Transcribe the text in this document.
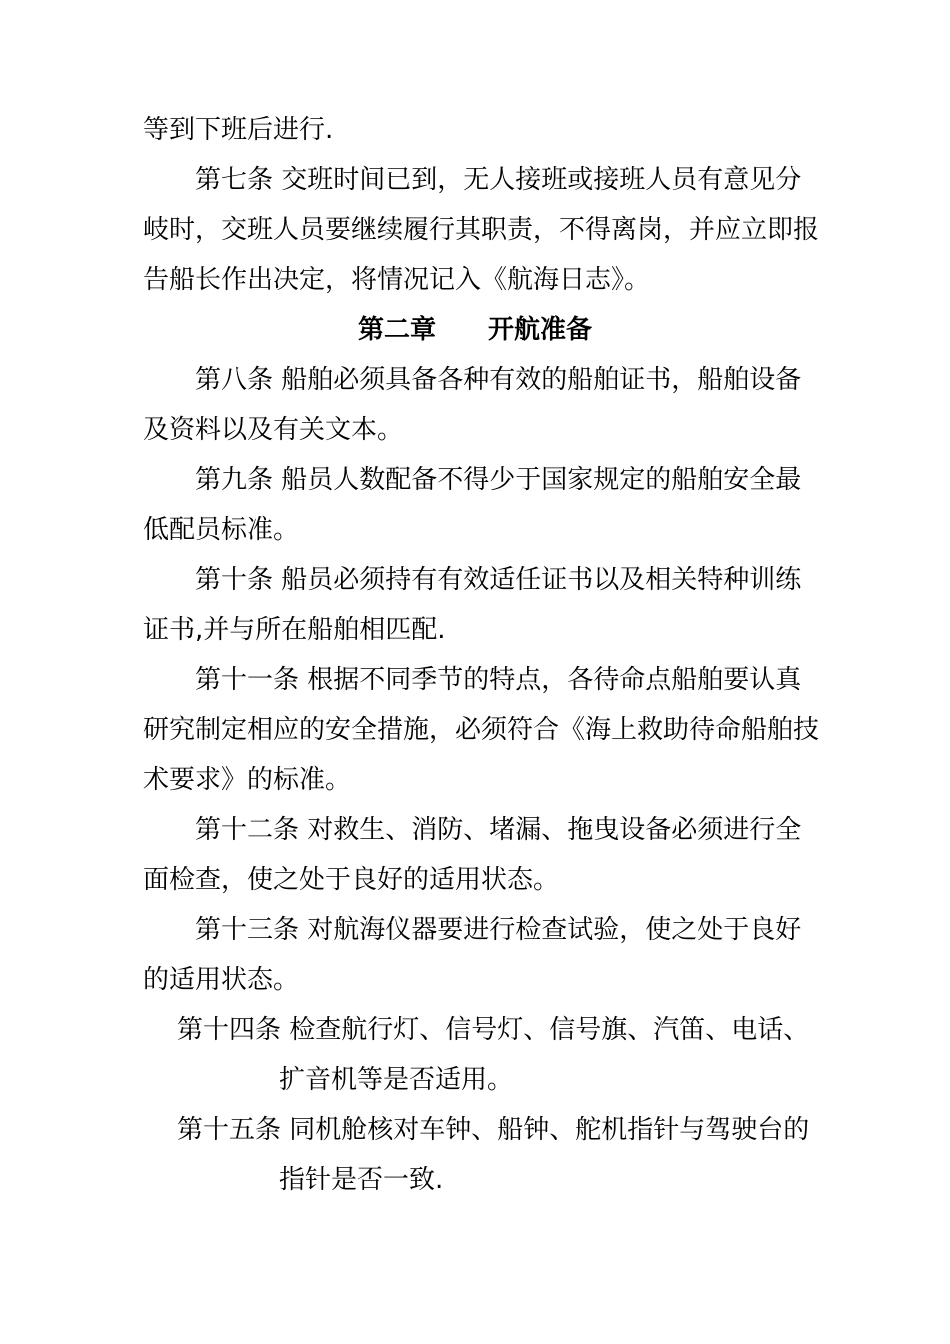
等到下班后进行.
第七条 交班时间已到，无人接班或接班人员有意见分
岐时，交班人员要继续履行其职责，不得离岗，并应立即报
告船长作出决定，将情况记入《航海日志》。
第二章 开航准备
第八条 船舶必须具备各种有效的船舶证书，船舶设备
及资料以及有关文本。
第九条 船员人数配备不得少于国家规定的船舶安全最
低配员标准。
第十条 船员必须持有有效适任证书以及相关特种训练
证书,并与所在船舶相匹配.
第十一条 根据不同季节的特点，各待命点船舶要认真
研究制定相应的安全措施，必须符合《海上救助待命船舶技
术要求》的标准。
第十二条 对救生、消防、堵漏、拖曳设备必须进行全
面检查，使之处于良好的适用状态。
第十三条 对航海仪器要进行检查试验，使之处于良好
的适用状态。
第十四条 检查航行灯、信号灯、信号旗、汽笛、电话、
扩音机等是否适用。
第十五条 同机舱核对车钟、船钟、舵机指针与驾驶台的
指针是否一致.
